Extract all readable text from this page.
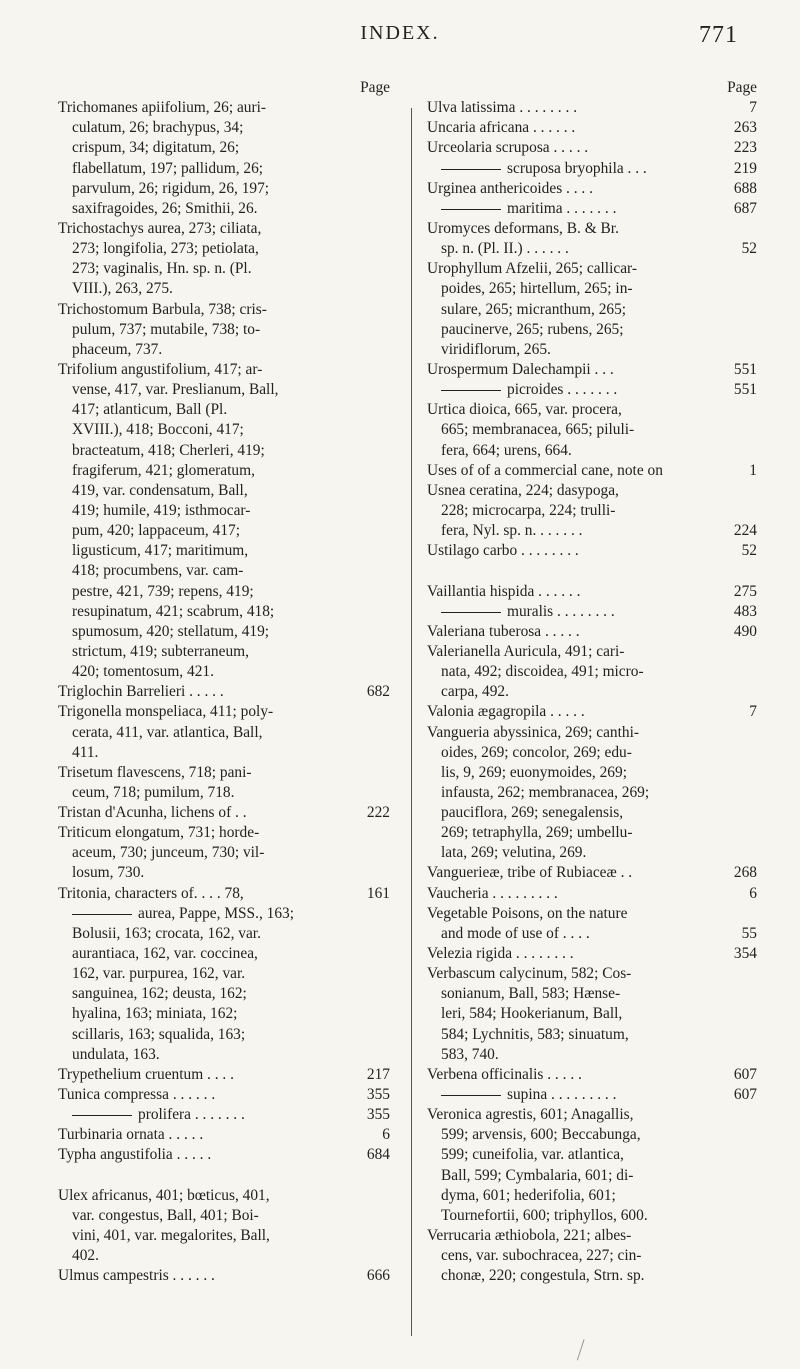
INDEX.	771
Page
Trichomanes apiifolium, 26; auri-
culatum, 26; brachypus, 34;
crispum, 34; digitatum, 26;
flabellatum, 197; pallidum, 26;
parvulum, 26; rigidum, 26, 197;
saxifragoides, 26; Smithii, 26.
Trichostachys aurea, 273; ciliata,
273; longifolia, 273; petiolata,
273; vaginalis, Hn. sp. n. (Pl.
VIII.), 263, 275.
Trichostomum Barbula, 738; cris-
pulum, 737; mutabile, 738; to-
phaceum, 737.
Trifolium angustifolium, 417; ar-
vense, 417, var. Preslianum, Ball,
417; atlanticum, Ball (Pl.
XVIII.), 418; Bocconi, 417;
bracteatum, 418; Cherleri, 419;
fragiferum, 421; glomeratum,
419, var. condensatum, Ball,
419; humile, 419; isthmocar-
pum, 420; lappaceum, 417;
ligusticum, 417; maritimum,
418; procumbens, var. cam-
pestre, 421, 739; repens, 419;
resupinatum, 421; scabrum, 418;
spumosum, 420; stellatum, 419;
strictum, 419; subterraneum,
420; tomentosum, 421.
Triglochin Barrelieri . . . . .	682
Trigonella monspeliaca, 411; poly-
cerata, 411, var. atlantica, Ball,
411.
Trisetum flavescens, 718; pani-
ceum, 718; pumilum, 718.
Tristan d'Acunha, lichens of . .	222
Triticum elongatum, 731; horde-
aceum, 730; junceum, 730; vil-
losum, 730.
Tritonia, characters of. . . . 78,	161
aurea, Pappe, MSS., 163;
Bolusii, 163; crocata, 162, var.
aurantiaca, 162, var. coccinea,
162, var. purpurea, 162, var.
sanguinea, 162; deusta, 162;
hyalina, 163; miniata, 162;
scillaris, 163; squalida, 163;
undulata, 163.
Trypethelium cruentum . . . .	217
Tunica compressa . . . . . .	355
prolifera . . . . . . .	355
Turbinaria ornata . . . . .	6
Typha angustifolia . . . . .	684
Ulex africanus, 401; bœticus, 401,
var. congestus, Ball, 401; Boi-
vini, 401, var. megalorites, Ball,
402.
Ulmus campestris . . . . . .	666
Page
Ulva latissima . . . . . . . .	7
Uncaria africana . . . . . .	263
Urceolaria scruposa . . . . .	223
scruposa bryophila . . .	219
Urginea anthericoides . . . .	688
maritima . . . . . . .	687
Uromyces deformans, B. & Br.
sp. n. (Pl. II.) . . . . . .	52
Urophyllum Afzelii, 265; callicar-
poides, 265; hirtellum, 265; in-
sulare, 265; micranthum, 265;
paucinerve, 265; rubens, 265;
viridiflorum, 265.
Urospermum Dalechampii . . .	551
picroides . . . . . . .	551
Urtica dioica, 665, var. procera,
665; membranacea, 665; piluli-
fera, 664; urens, 664.
Uses of of a commercial cane, note on	1
Usnea ceratina, 224; dasypoga,
228; microcarpa, 224; trulli-
fera, Nyl. sp. n. . . . . . .	224
Ustilago carbo . . . . . . . .	52
Vaillantia hispida . . . . . .	275
muralis . . . . . . . .	483
Valeriana tuberosa . . . . .	490
Valerianella Auricula, 491; cari-
nata, 492; discoidea, 491; micro-
carpa, 492.
Valonia ægagropila . . . . .	7
Vangueria abyssinica, 269; canthi-
oides, 269; concolor, 269; edu-
lis, 9, 269; euonymoides, 269;
infausta, 262; membranacea, 269;
pauciflora, 269; senegalensis,
269; tetraphylla, 269; umbellu-
lata, 269; velutina, 269.
Vanguerieæ, tribe of Rubiaceæ . .	268
Vaucheria . . . . . . . . .	6
Vegetable Poisons, on the nature
and mode of use of . . . .	55
Velezia rigida . . . . . . . .	354
Verbascum calycinum, 582; Cos-
sonianum, Ball, 583; Hænse-
leri, 584; Hookerianum, Ball,
584; Lychnitis, 583; sinuatum,
583, 740.
Verbena officinalis . . . . .	607
supina . . . . . . . . .	607
Veronica agrestis, 601; Anagallis,
599; arvensis, 600; Beccabunga,
599; cuneifolia, var. atlantica,
Ball, 599; Cymbalaria, 601; di-
dyma, 601; hederifolia, 601;
Tournefortii, 600; triphyllos, 600.
Verrucaria æthiobola, 221; albes-
cens, var. subochracea, 227; cin-
chonæ, 220; congestula, Strn. sp.
